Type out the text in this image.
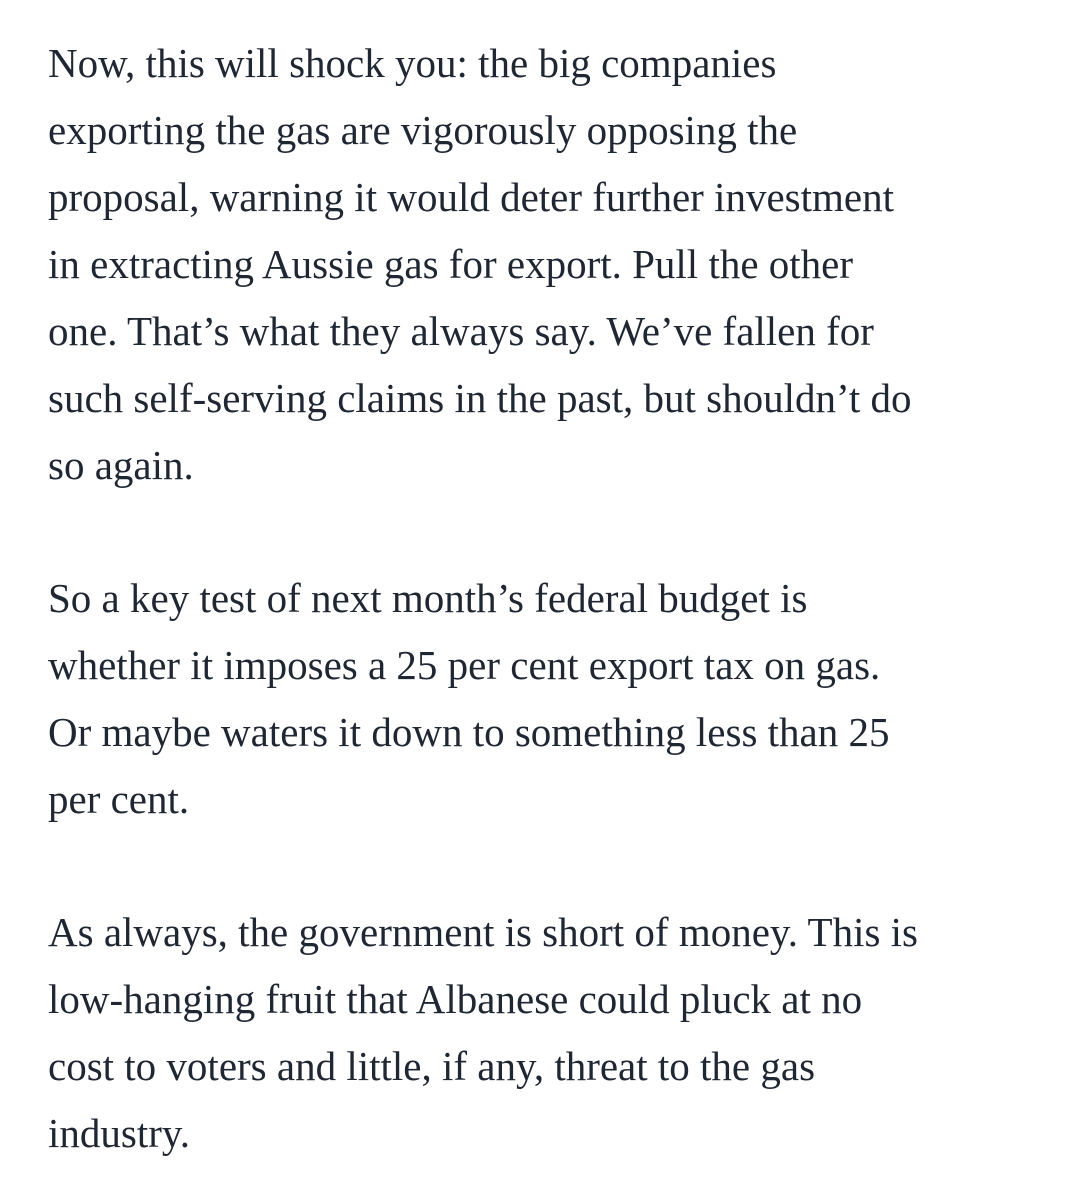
Now, this will shock you: the big companies
exporting the gas are vigorously opposing the
proposal, warning it would deter further investment
in extracting Aussie gas for export. Pull the other
one. That’s what they always say. We’ve fallen for
such self-serving claims in the past, but shouldn’t do
so again.

So a key test of next month’s federal budget is
whether it imposes a 25 per cent export tax on gas.
Or maybe waters it down to something less than 25
per cent.

As always, the government is short of money. This is
low-hanging fruit that Albanese could pluck at no
cost to voters and little, if any, threat to the gas
industry.
